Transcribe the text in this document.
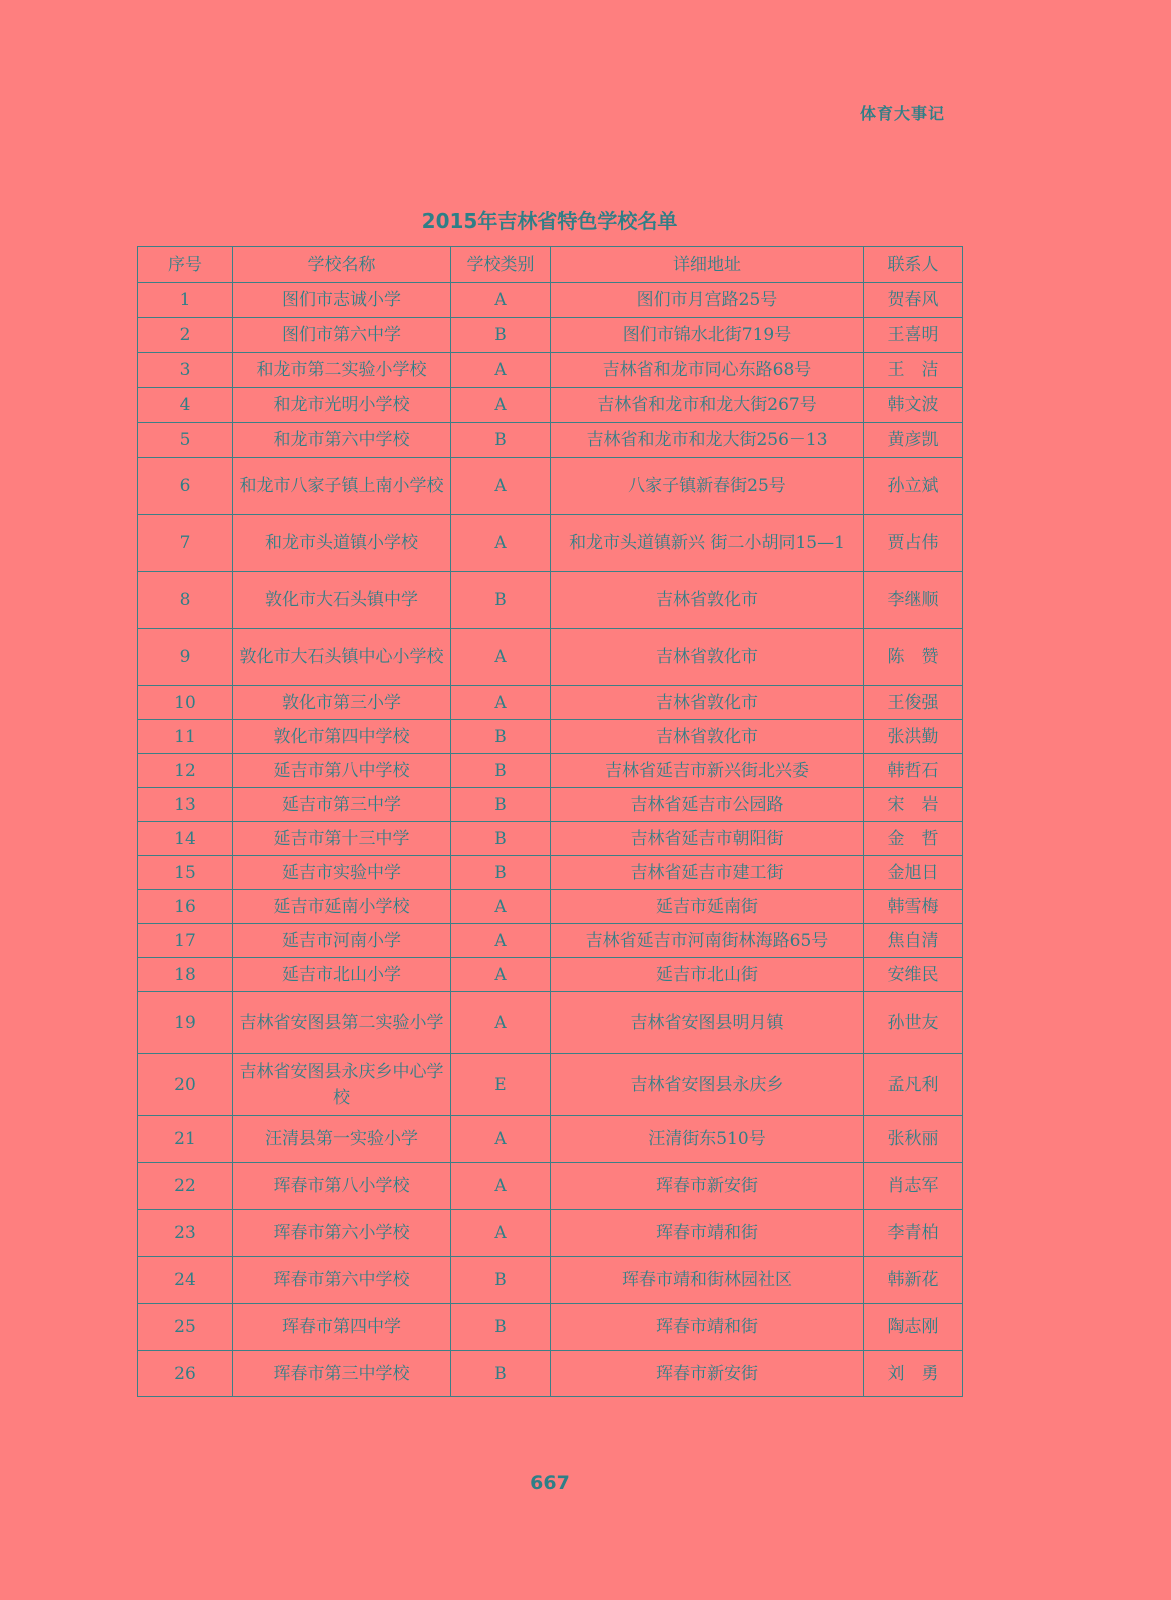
体育大事记
2015年吉林省特色学校名单
序号	学校名称	学校类别	详细地址	联系人
1	图们市志诚小学	A	图们市月宫路25号	贺春风
2	图们市第六中学	B	图们市锦水北街719号	王喜明
3	和龙市第二实验小学校	A	吉林省和龙市同心东路68号	王　洁
4	和龙市光明小学校	A	吉林省和龙市和龙大街267号	韩文波
5	和龙市第六中学校	B	吉林省和龙市和龙大街256－13	黄彦凯
6	和龙市八家子镇上南小学校	A	八家子镇新春街25号	孙立斌
7	和龙市头道镇小学校	A	和龙市头道镇新兴 街二小胡同15—1	贾占伟
8	敦化市大石头镇中学	B	吉林省敦化市	李继顺
9	敦化市大石头镇中心小学校	A	吉林省敦化市	陈　赞
10	敦化市第三小学	A	吉林省敦化市	王俊强
11	敦化市第四中学校	B	吉林省敦化市	张洪勤
12	延吉市第八中学校	B	吉林省延吉市新兴街北兴委	韩哲石
13	延吉市第三中学	B	吉林省延吉市公园路	宋　岩
14	延吉市第十三中学	B	吉林省延吉市朝阳街	金　哲
15	延吉市实验中学	B	吉林省延吉市建工街	金旭日
16	延吉市延南小学校	A	延吉市延南街	韩雪梅
17	延吉市河南小学	A	吉林省延吉市河南街林海路65号	焦自清
18	延吉市北山小学	A	延吉市北山街	安维民
19	吉林省安图县第二实验小学	A	吉林省安图县明月镇	孙世友
20	吉林省安图县永庆乡中心学校	E	吉林省安图县永庆乡	孟凡利
21	汪清县第一实验小学	A	汪清街东510号	张秋丽
22	珲春市第八小学校	A	珲春市新安街	肖志军
23	珲春市第六小学校	A	珲春市靖和街	李青柏
24	珲春市第六中学校	B	珲春市靖和街林园社区	韩新花
25	珲春市第四中学	B	珲春市靖和街	陶志刚
26	珲春市第三中学校	B	珲春市新安街	刘　勇
667
